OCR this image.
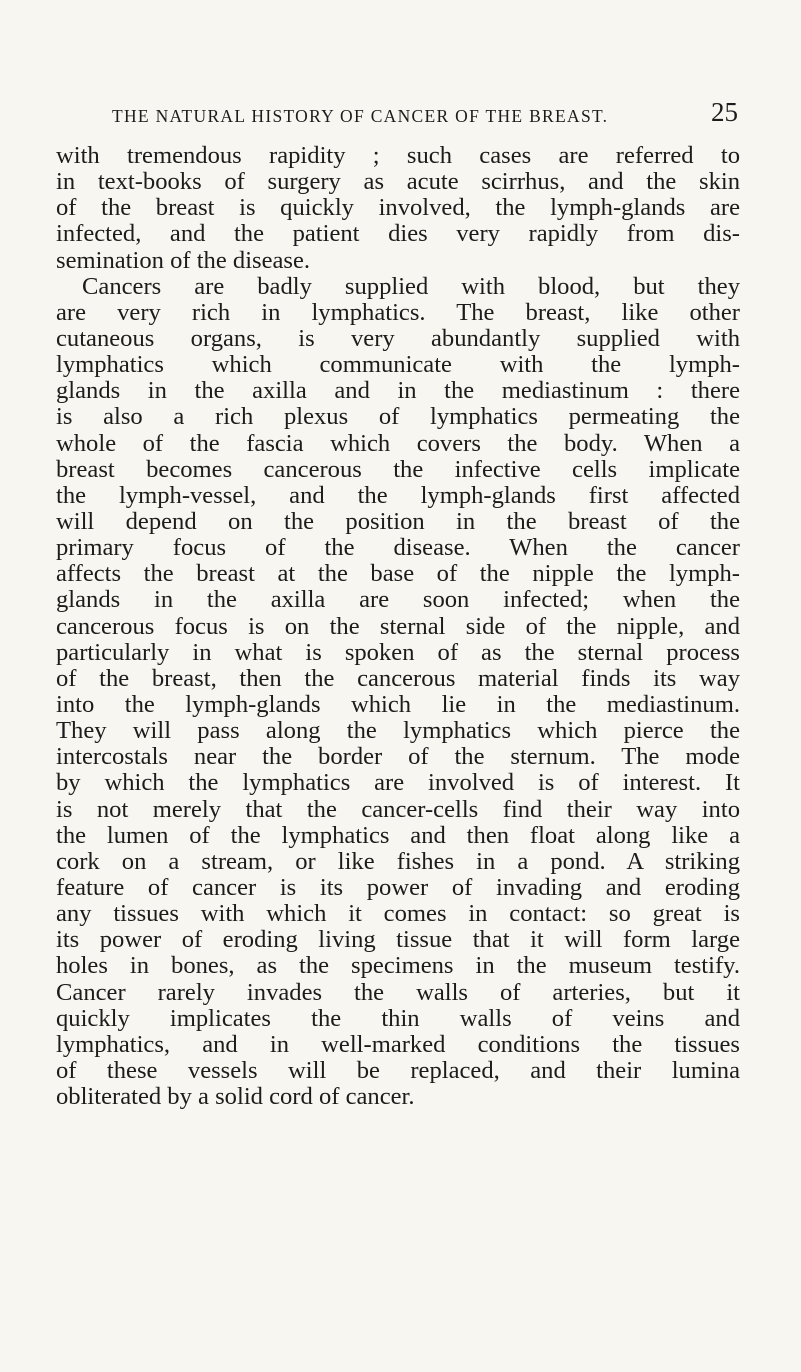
THE NATURAL HISTORY OF CANCER OF THE BREAST.	25
with tremendous rapidity ; such cases are referred to
in text-books of surgery as acute scirrhus, and the skin
of the breast is quickly involved, the lymph-glands are
infected, and the patient dies very rapidly from dis-
semination of the disease.
Cancers are badly supplied with blood, but they
are very rich in lymphatics. The breast, like other
cutaneous organs, is very abundantly supplied with
lymphatics which communicate with the lymph-
glands in the axilla and in the mediastinum : there
is also a rich plexus of lymphatics permeating the
whole of the fascia which covers the body. When a
breast becomes cancerous the infective cells implicate
the lymph-vessel, and the lymph-glands first affected
will depend on the position in the breast of the
primary focus of the disease. When the cancer
affects the breast at the base of the nipple the lymph-
glands in the axilla are soon infected; when the
cancerous focus is on the sternal side of the nipple, and
particularly in what is spoken of as the sternal process
of the breast, then the cancerous material finds its way
into the lymph-glands which lie in the mediastinum.
They will pass along the lymphatics which pierce the
intercostals near the border of the sternum. The mode
by which the lymphatics are involved is of interest. It
is not merely that the cancer-cells find their way into
the lumen of the lymphatics and then float along like a
cork on a stream, or like fishes in a pond. A striking
feature of cancer is its power of invading and eroding
any tissues with which it comes in contact: so great is
its power of eroding living tissue that it will form large
holes in bones, as the specimens in the museum testify.
Cancer rarely invades the walls of arteries, but it
quickly implicates the thin walls of veins and
lymphatics, and in well-marked conditions the tissues
of these vessels will be replaced, and their lumina
obliterated by a solid cord of cancer.
